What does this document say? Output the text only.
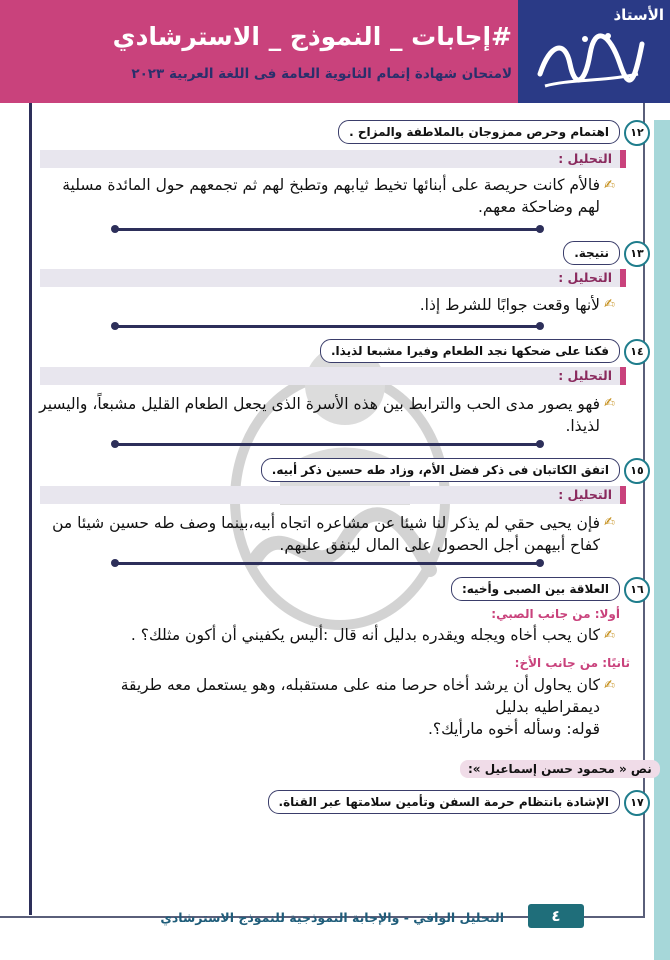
#إجابات _ النموذج _ الاسترشادي
لامتحان شهادة إتمام الثانوية العامة فى اللغة العربية ٢٠٢٣
الأستاذ
١٢
اهتمام وحرص ممزوجان بالملاطفة والمزاح .
التحليل :
✍
فالأم كانت حريصة على أبنائها تخيط ثيابهم وتطبخ لهم ثم تجمعهم حول المائدة مسلية لهم وضاحكة معهم.
١٣
نتيجة.
التحليل :
✍
لأنها وقعت جوابًا للشرط إذا.
١٤
فكنا على ضحكها نجد الطعام وفيرا مشبعا لذيذا.
التحليل :
✍
فهو يصور مدى الحب والترابط بين هذه الأسرة الذى يجعل الطعام القليل مشبعاً، واليسير لذيذا.
١٥
اتفق الكاتبان فى ذكر فضل الأم، وزاد طه حسين ذكر أبيه.
التحليل :
✍
فإن يحيى حقي لم يذكر لنا شيئا عن مشاعره اتجاه أبيه،بينما وصف طه حسين شيئا من كفاح أبيهمن أجل الحصول على المال لينفق عليهم.
١٦
العلاقة بين الصبى وأخيه:
أولا: من جانب الصبي:
✍
كان يحب أخاه ويجله ويقدره بدليل أنه قال :أليس يكفيني أن أكون مثلك؟ .
ثانيًا: من جانب الأخ:
✍
كان يحاول أن يرشد أخاه حرصا منه على مستقبله، وهو يستعمل معه طريقة
ديمقراطيه بدليل
قوله: وسأله أخوه مارأيك؟.
نص « محمود حسن إسماعيل »:
١٧
الإشادة بانتظام حرمة السفن وتأمين سلامتها عبر القناة.
٤
التحليل الوافي - والإجابة النموذجية للنموذج الاسترشادي
